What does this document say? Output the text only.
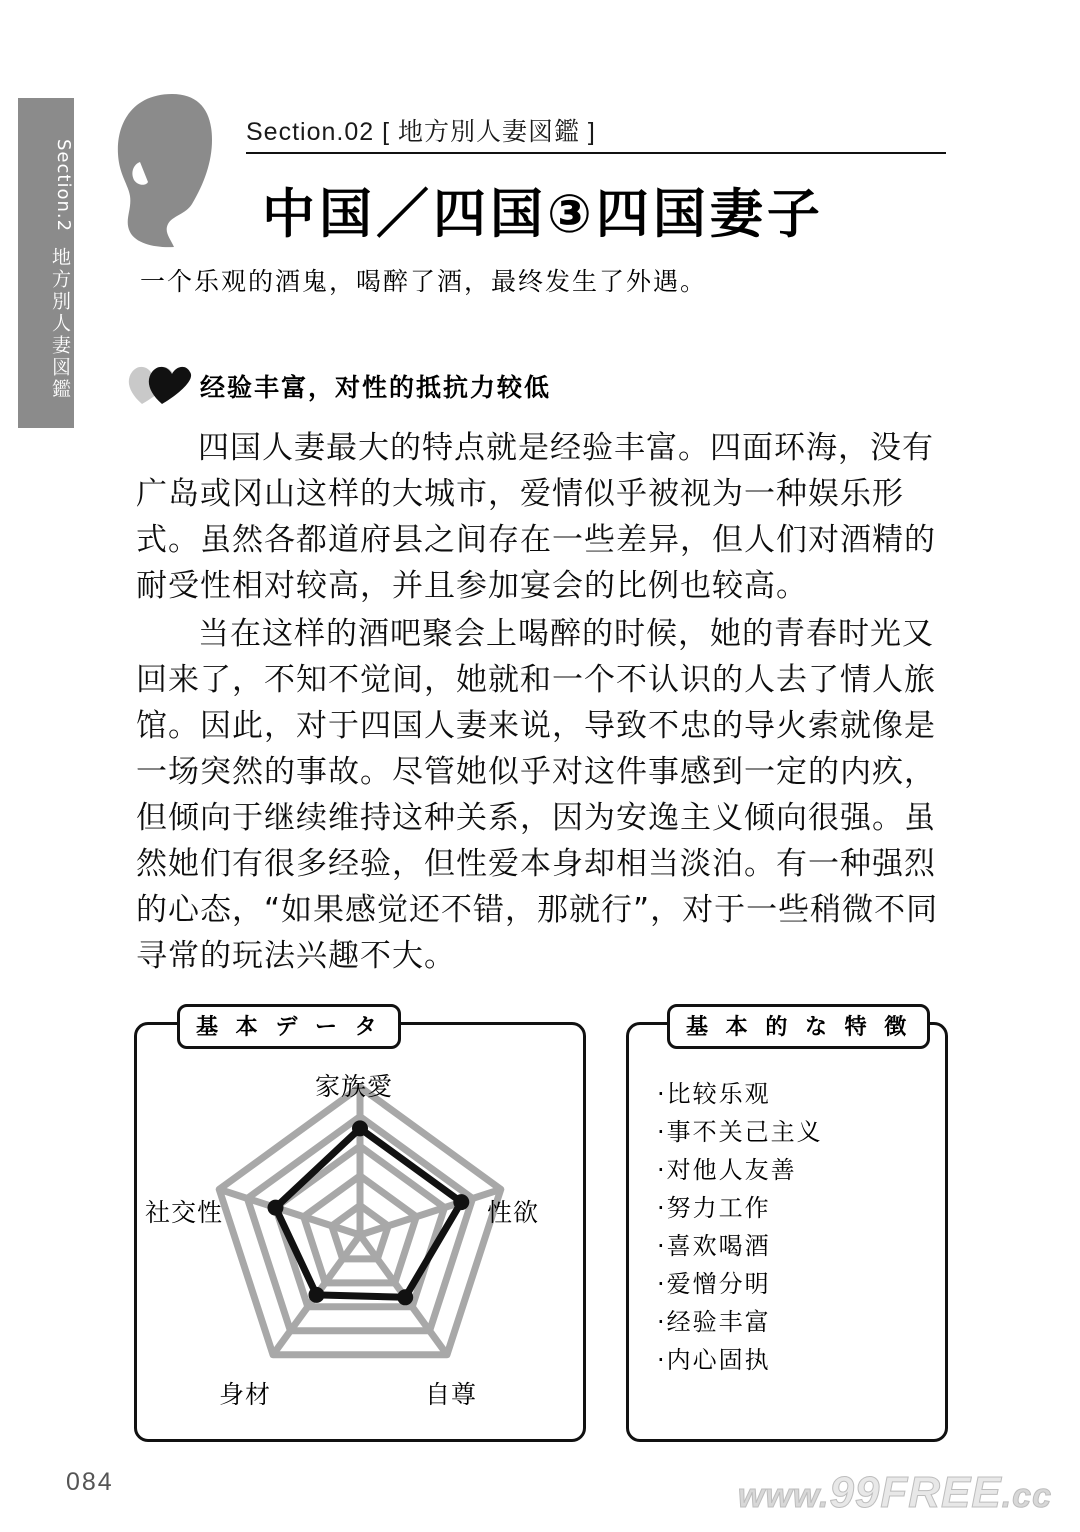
Section.2
地方別人妻図鑑
Section.02 [ 地方別人妻図鑑 ]
中国／四国③四国妻子
一个乐观的酒鬼，喝醉了酒，最终发生了外遇。
经验丰富，对性的抵抗力较低

四国人妻最大的特点就是经验丰富。四面环海，没有广岛或冈山这样的大城市，爱情似乎被视为一种娱乐形式。虽然各都道府县之间存在一些差异，但人们对酒精的耐受性相对较高，并且参加宴会的比例也较高。

当在这样的酒吧聚会上喝醉的时候，她的青春时光又回来了，不知不觉间，她就和一个不认识的人去了情人旅馆。因此，对于四国人妻来说，导致不忠的导火索就像是一场突然的事故。尽管她似乎对这件事感到一定的内疚，但倾向于继续维持这种关系，因为安逸主义倾向很强。虽然她们有很多经验，但性爱本身却相当淡泊。有一种强烈的心态，“如果感觉还不错，那就行”，对于一些稍微不同寻常的玩法兴趣不大。

基 本 デ ー タ
家族愛
性欲
自尊
身材
社交性
基 本 的 な 特 徴
· 比较乐观
· 事不关己主义
· 对他人友善
· 努力工作
· 喜欢喝酒
· 爱憎分明
· 经验丰富
· 内心固执
084	www.99FREE.cc
